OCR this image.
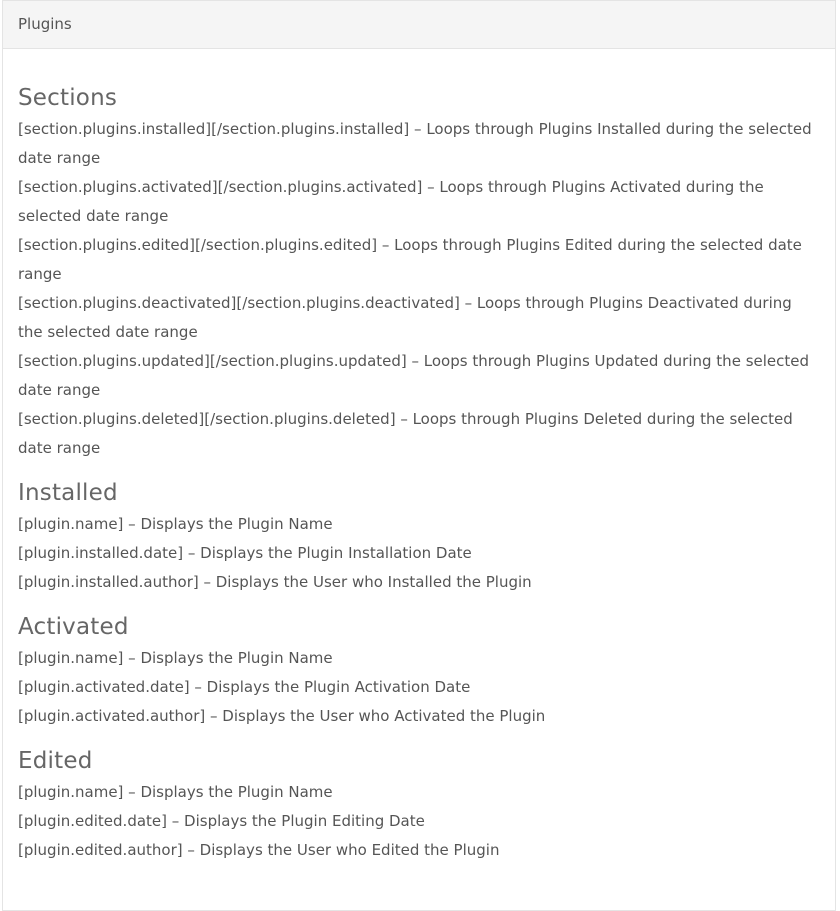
Plugins
Sections

[section.plugins.installed][/section.plugins.installed] – Loops through Plugins Installed during the selected date range

[section.plugins.activated][/section.plugins.activated] – Loops through Plugins Activated during the selected date range

[section.plugins.edited][/section.plugins.edited] – Loops through Plugins Edited during the selected date range

[section.plugins.deactivated][/section.plugins.deactivated] – Loops through Plugins Deactivated during the selected date range

[section.plugins.updated][/section.plugins.updated] – Loops through Plugins Updated during the selected date range

[section.plugins.deleted][/section.plugins.deleted] – Loops through Plugins Deleted during the selected date range

Installed

[plugin.name] – Displays the Plugin Name

[plugin.installed.date] – Displays the Plugin Installation Date

[plugin.installed.author] – Displays the User who Installed the Plugin

Activated

[plugin.name] – Displays the Plugin Name

[plugin.activated.date] – Displays the Plugin Activation Date

[plugin.activated.author] – Displays the User who Activated the Plugin

Edited

[plugin.name] – Displays the Plugin Name

[plugin.edited.date] – Displays the Plugin Editing Date

[plugin.edited.author] – Displays the User who Edited the Plugin
